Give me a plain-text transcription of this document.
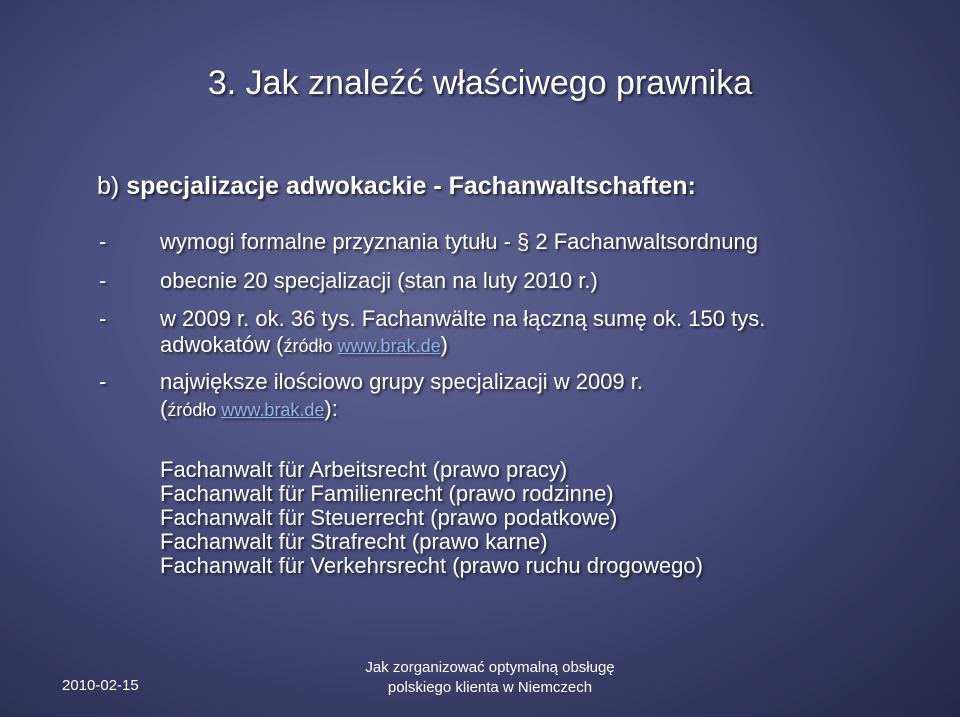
3. Jak znaleźć właściwego prawnika
b) specjalizacje adwokackie - Fachanwaltschaften:
- wymogi formalne przyznania tytułu - § 2 Fachanwaltsordnung
- obecnie 20 specjalizacji (stan na luty 2010 r.)
- w 2009 r. ok. 36 tys. Fachanwälte na łączną sumę ok. 150 tys.
adwokatów (źródło www.brak.de)
- największe ilościowo grupy specjalizacji w 2009 r.
(źródło www.brak.de):
Fachanwalt für Arbeitsrecht (prawo pracy)
Fachanwalt für Familienrecht (prawo rodzinne)
Fachanwalt für Steuerrecht (prawo podatkowe)
Fachanwalt für Strafrecht (prawo karne)
Fachanwalt für Verkehrsrecht (prawo ruchu drogowego)
2010-02-15
Jak zorganizować optymalną obsługę
polskiego klienta w Niemczech
